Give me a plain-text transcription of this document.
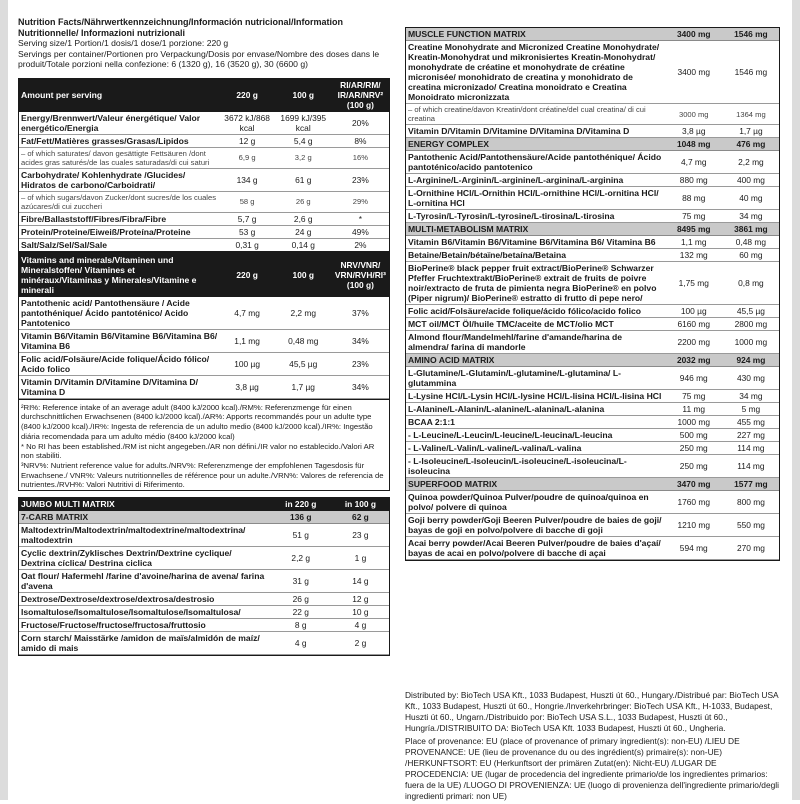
Nutrition Facts/Nährwertkennzeichnung/Información nutricional/Information Nutritionnelle/ Informazioni nutrizionali
Serving size/1 Portion/1 dosis/1 dose/1 porzione: 220 g
Servings per container/Portionen pro Verpackung/Dosis por envase/Nombre des doses dans le produit/Totale porzioni nella confezione: 6 (1320 g), 16 (3520 g), 30 (6600 g)
Amount per serving	220 g	100 g	RI/AR/RM/ IR/AR/NRV² (100 g)
Energy/Brennwert/Valeur énergétique/ Valor energético/Energia	3672 kJ/868 kcal	1699 kJ/395 kcal	20%
Fat/Fett/Matières grasses/Grasas/Lipidos	12 g	5,4 g	8%
– of which saturates/ davon gesättigte Fettsäuren /dont acides gras saturés/de las cuales saturadas/di cui saturi	6,9 g	3,2 g	16%
Carbohydrate/ Kohlenhydrate /Glucides/ Hidratos de carbono/Carboidrati/	134 g	61 g	23%
– of which sugars/davon Zucker/dont sucres/de los cuales azúcares/di cui zuccheri	58 g	26 g	29%
Fibre/Ballaststoff/Fibres/Fibra/Fibre	5,7 g	2,6 g	*
Protein/Proteine/Eiweiß/Proteína/Proteine	53 g	24 g	49%
Salt/Salz/Sel/Sal/Sale	0,31 g	0,14 g	2%
Vitamins and minerals/Vitaminen und Mineralstoffen/ Vitamines et minéraux/Vitaminas y Minerales/Vitamine e minerali	220 g	100 g	NRV/VNR/ VRN/RVH/RI³ (100 g)
Pantothenic acid/ Pantothensäure / Acide pantothénique/ Ácido pantoténico/ Acido Pantotenico	4,7 mg	2,2 mg	37%
Vitamin B6/Vitamin B6/Vitamine B6/Vitamina B6/ Vitamina B6	1,1 mg	0,48 mg	34%
Folic acid/Folsäure/Acide folique/Ácido fólico/ Acido folico	100 µg	45,5 µg	23%
Vitamin D/Vitamin D/Vitamine D/Vitamina D/ Vitamina D	3,8 µg	1,7 µg	34%
²RI%: Reference intake of an average adult (8400 kJ/2000 kcal)./RM%: Referenzmenge für einen durchschnittlichen Erwachsenen (8400 kJ/2000 kcal)./AR%: Apports recommandés pour un adulte type (8400 kJ/2000 kcal)./IR%: Ingesta de referencia de un adulto medio (8400 kJ/2000 kcal)./IR%: Ingestão diária recomendada para um adulto médio (8400 kJ/2000 kcal)
* No RI has been established./RM ist nicht angegeben./AR non défini./IR valor no establecido./Valori AR non stabiliti.
³NRV%: Nutrient reference value for adults./NRV%: Referenzmenge der empfohlenen Tagesdosis für Erwachsene./ VNR%: Valeurs nutritionnelles de référence pour un adulte./VRN%: Valores de referencia de nutrientes./RVH%: Valori Nutritivi di Riferimento.
JUMBO MULTI MATRIX	in 220 g	in 100 g
7-CARB MATRIX	136 g	62 g
Maltodextrin/Maltodextrin/maltodextrine/maltodextrina/ maltodextrin	51 g	23 g
Cyclic dextrin/Zyklisches Dextrin/Dextrine cyclique/ Dextrina cíclica/ Destrina ciclica	2,2 g	1 g
Oat flour/ Hafermehl /farine d'avoine/harina de avena/ farina d'avena	31 g	14 g
Dextrose/Dextrose/dextrose/dextrosa/destrosio	26 g	12 g
Isomaltulose/Isomaltulose/Isomaltulose/Isomaltulosa/	22 g	10 g
Fructose/Fructose/fructose/fructosa/fruttosio	8 g	4 g
Corn starch/ Maisstärke /amidon de maïs/almidón de maíz/ amido di mais	4 g	2 g
MUSCLE FUNCTION MATRIX	3400 mg	1546 mg
Creatine Monohydrate and Micronized Creatine Monohydrate/ Kreatin-Monohydrat und mikronisiertes Kreatin-Monohydrat/ monohydrate de créatine et monohydrate de créatine micronisée/ monohidrato de creatina y monohidrato de creatina micronizado/ Creatina monoidrato e Creatina Monoidrato micronizzata	3400 mg	1546 mg
– of which creatine/davon Kreatin/dont créatine/del cual creatina/ di cui creatina	3000 mg	1364 mg
Vitamin D/Vitamin D/Vitamine D/Vitamina D/Vitamina D	3,8 µg	1,7 µg
ENERGY COMPLEX	1048 mg	476 mg
Pantothenic Acid/Pantothensäure/Acide pantothénique/ Ácido pantoténico/acido pantotenico	4,7 mg	2,2 mg
L-Arginine/L-Arginin/L-arginine/L-arginina/L-arginina	880 mg	400 mg
L-Ornithine HCl/L-Ornithin HCl/L-ornithine HCl/L-ornitina HCl/ L-ornitina HCl	88 mg	40 mg
L-Tyrosin/L-Tyrosin/L-tyrosine/L-tirosina/L-tirosina	75 mg	34 mg
MULTI-METABOLISM MATRIX	8495 mg	3861 mg
Vitamin B6/Vitamin B6/Vitamine B6/Vitamina B6/ Vitamina B6	1,1 mg	0,48 mg
Betaine/Betain/bétaïne/betaína/Betaina	132 mg	60 mg
BioPerine® black pepper fruit extract/BioPerine® Schwarzer Pfeffer Fruchtextrakt/BioPerine® extrait de fruits de poivre noir/extracto de fruta de pimienta negra BioPerine® en polvo (Piper nigrum)/ BioPerine® estratto di frutto di pepe nero/	1,75 mg	0,8 mg
Folic acid/Folsäure/acide folique/ácido fólico/acido folico	100 µg	45,5 µg
MCT oil/MCT Öl/huile TMC/aceite de MCT/olio MCT	6160 mg	2800 mg
Almond flour/Mandelmehl/farine d'amande/harina de almendra/ farina di mandorle	2200 mg	1000 mg
AMINO ACID MATRIX	2032 mg	924 mg
L-Glutamine/L-Glutamin/L-glutamine/L-glutamina/ L-glutammina	946 mg	430 mg
L-Lysine HCl/L-Lysin HCl/L-lysine HCl/L-lisina HCl/L-lisina HCl	75 mg	34 mg
L-Alanine/L-Alanin/L-alanine/L-alanina/L-alanina	11 mg	5 mg
BCAA 2:1:1	1000 mg	455 mg
- L-Leucine/L-Leucin/L-leucine/L-leucina/L-leucina	500 mg	227 mg
- L-Valine/L-Valin/L-valine/L-valina/L-valina	250 mg	114 mg
- L-Isoleucine/L-Isoleucin/L-isoleucine/L-isoleucina/L-isoleucina	250 mg	114 mg
SUPERFOOD MATRIX	3470 mg	1577 mg
Quinoa powder/Quinoa Pulver/poudre de quinoa/quinoa en polvo/ polvere di quinoa	1760 mg	800 mg
Goji berry powder/Goji Beeren Pulver/poudre de baies de goji/ bayas de goji en polvo/polvere di bacche di goji	1210 mg	550 mg
Acai berry powder/Acai Beeren Pulver/poudre de baies d'açaí/ bayas de acai en polvo/polvere di bacche di açai	594 mg	270 mg

Distributed by: BioTech USA Kft., 1033 Budapest, Huszti út 60., Hungary./Distribué par: BioTech USA Kft., 1033 Budapest, Huszti út 60., Hongrie./Inverkehrbringer: BioTech USA Kft., H-1033, Budapest, Huszti út 60., Ungarn./Distribuido por: BioTech USA S.L., 1033 Budapest, Huszti út 60., Hungría./DISTRIBUITO DA: BioTech USA Kft. 1033 Budapest, Huszti út 60., Ungheria.

Place of provenance: EU (place of provenance of primary ingredient(s): non-EU) /LIEU DE PROVENANCE: UE (lieu de provenance du ou des ingrédient(s) primaire(s): non-UE) /HERKUNFTSORT: EU (Herkunftsort der primären Zutat(en): Nicht-EU) /LUGAR DE PROCEDENCIA: UE (lugar de procedencia del ingrediente primario/de los ingredientes primarios: fuera de la UE) /LUOGO DI PROVENIENZA: UE (luogo di provenienza dell'ingrediente primario/degli ingredienti primari: non UE)
